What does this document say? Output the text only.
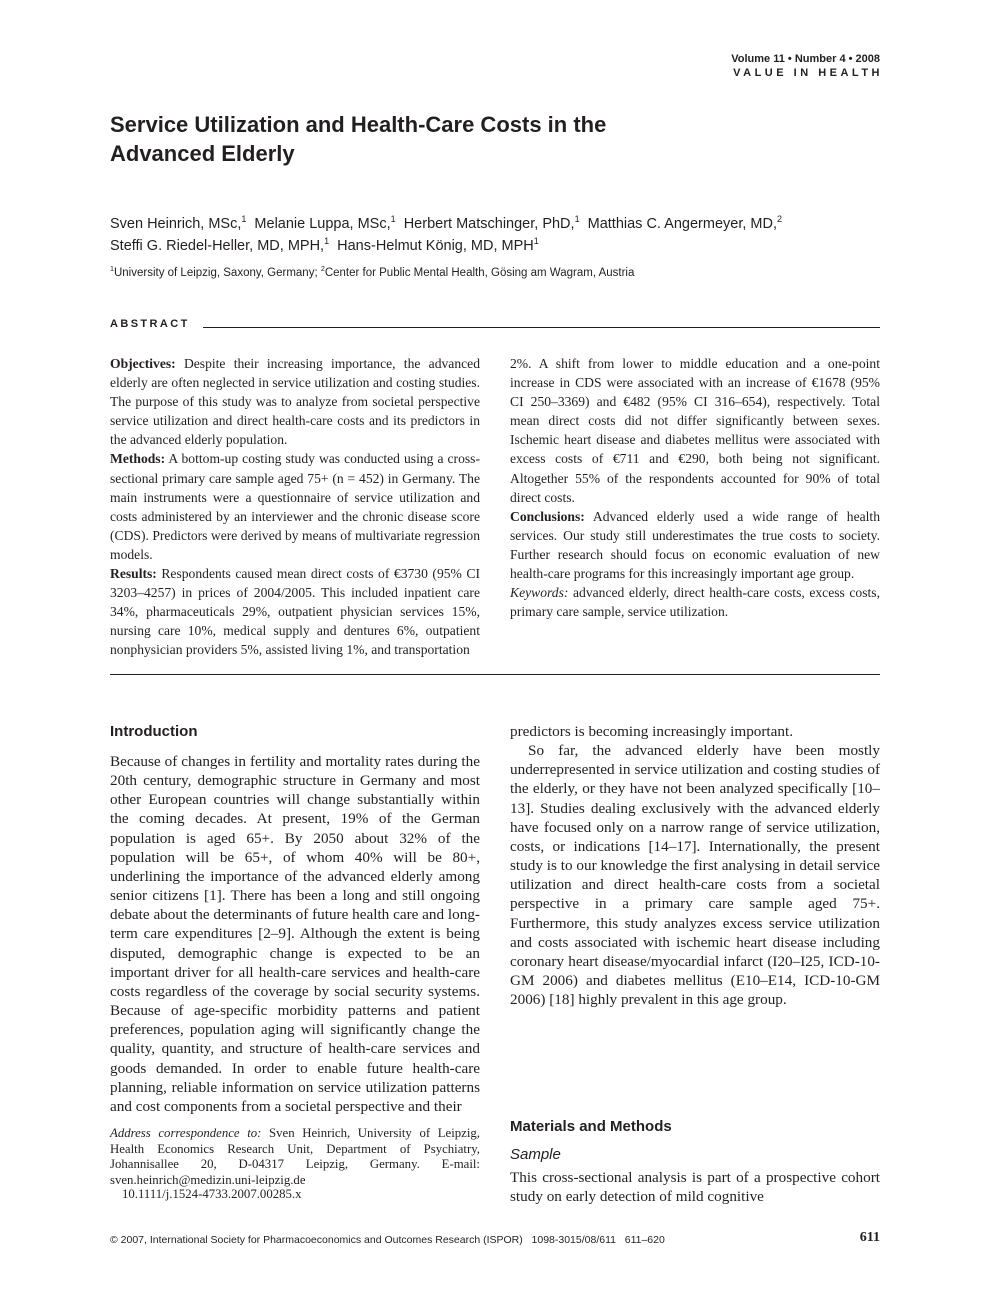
Volume 11 • Number 4 • 2008
VALUE IN HEALTH
Service Utilization and Health-Care Costs in the
Advanced Elderly
Sven Heinrich, MSc,$^1$ Melanie Luppa, MSc,$^1$ Herbert Matschinger, PhD,$^1$ Matthias C. Angermeyer, MD,$^2$
Steffi G. Riedel-Heller, MD, MPH,$^1$ Hans-Helmut König, MD, MPH$^1$
$^1$University of Leipzig, Saxony, Germany; $^2$Center for Public Mental Health, Gösing am Wagram, Austria
ABSTRACT

Objectives: Despite their increasing importance, the advanced elderly are often neglected in service utilization and costing studies. The purpose of this study was to analyze from societal perspective service utilization and direct health-care costs and its predictors in the advanced elderly population.

Methods: A bottom-up costing study was conducted using a cross-sectional primary care sample aged 75+ (n = 452) in Germany. The main instruments were a questionnaire of service utilization and costs administered by an interviewer and the chronic disease score (CDS). Predictors were derived by means of multivariate regression models.

Results: Respondents caused mean direct costs of €3730 (95% CI 3203–4257) in prices of 2004/2005. This included inpatient care 34%, pharmaceuticals 29%, outpatient physician services 15%, nursing care 10%, medical supply and dentures 6%, outpatient nonphysician providers 5%, assisted living 1%, and transportation

2%. A shift from lower to middle education and a one-point increase in CDS were associated with an increase of €1678 (95% CI 250–3369) and €482 (95% CI 316–654), respectively. Total mean direct costs did not differ significantly between sexes. Ischemic heart disease and diabetes mellitus were associated with excess costs of €711 and €290, both being not significant. Altogether 55% of the respondents accounted for 90% of total direct costs.

Conclusions: Advanced elderly used a wide range of health services. Our study still underestimates the true costs to society. Further research should focus on economic evaluation of new health-care programs for this increasingly important age group.

Keywords: advanced elderly, direct health-care costs, excess costs, primary care sample, service utilization.

Introduction

Because of changes in fertility and mortality rates during the 20th century, demographic structure in Germany and most other European countries will change substantially within the coming decades. At present, 19% of the German population is aged 65+. By 2050 about 32% of the population will be 65+, of whom 40% will be 80+, underlining the importance of the advanced elderly among senior citizens [1]. There has been a long and still ongoing debate about the determinants of future health care and long-term care expenditures [2–9]. Although the extent is being disputed, demographic change is expected to be an important driver for all health-care services and health-care costs regardless of the coverage by social security systems. Because of age-specific morbidity patterns and patient preferences, population aging will significantly change the quality, quantity, and structure of health-care services and goods demanded. In order to enable future health-care planning, reliable information on service utilization patterns and cost components from a societal perspective and their

predictors is becoming increasingly important.

So far, the advanced elderly have been mostly underrepresented in service utilization and costing studies of the elderly, or they have not been analyzed specifically [10–13]. Studies dealing exclusively with the advanced elderly have focused only on a narrow range of service utilization, costs, or indications [14–17]. Internationally, the present study is to our knowledge the first analysing in detail service utilization and direct health-care costs from a societal perspective in a primary care sample aged 75+. Furthermore, this study analyzes excess service utilization and costs associated with ischemic heart disease including coronary heart disease/myocardial infarct (I20–I25, ICD-10-GM 2006) and diabetes mellitus (E10–E14, ICD-10-GM 2006) [18] highly prevalent in this age group.

Materials and Methods
Sample
This cross-sectional analysis is part of a prospective cohort study on early detection of mild cognitive

Address correspondence to: Sven Heinrich, University of Leipzig, Health Economics Research Unit, Department of Psychiatry, Johannisallee 20, D-04317 Leipzig, Germany. E-mail: sven.heinrich@medizin.uni-leipzig.de

10.1111/j.1524-4733.2007.00285.x
© 2007, International Society for Pharmacoeconomics and Outcomes Research (ISPOR)   1098-3015/08/611   611–620	611
